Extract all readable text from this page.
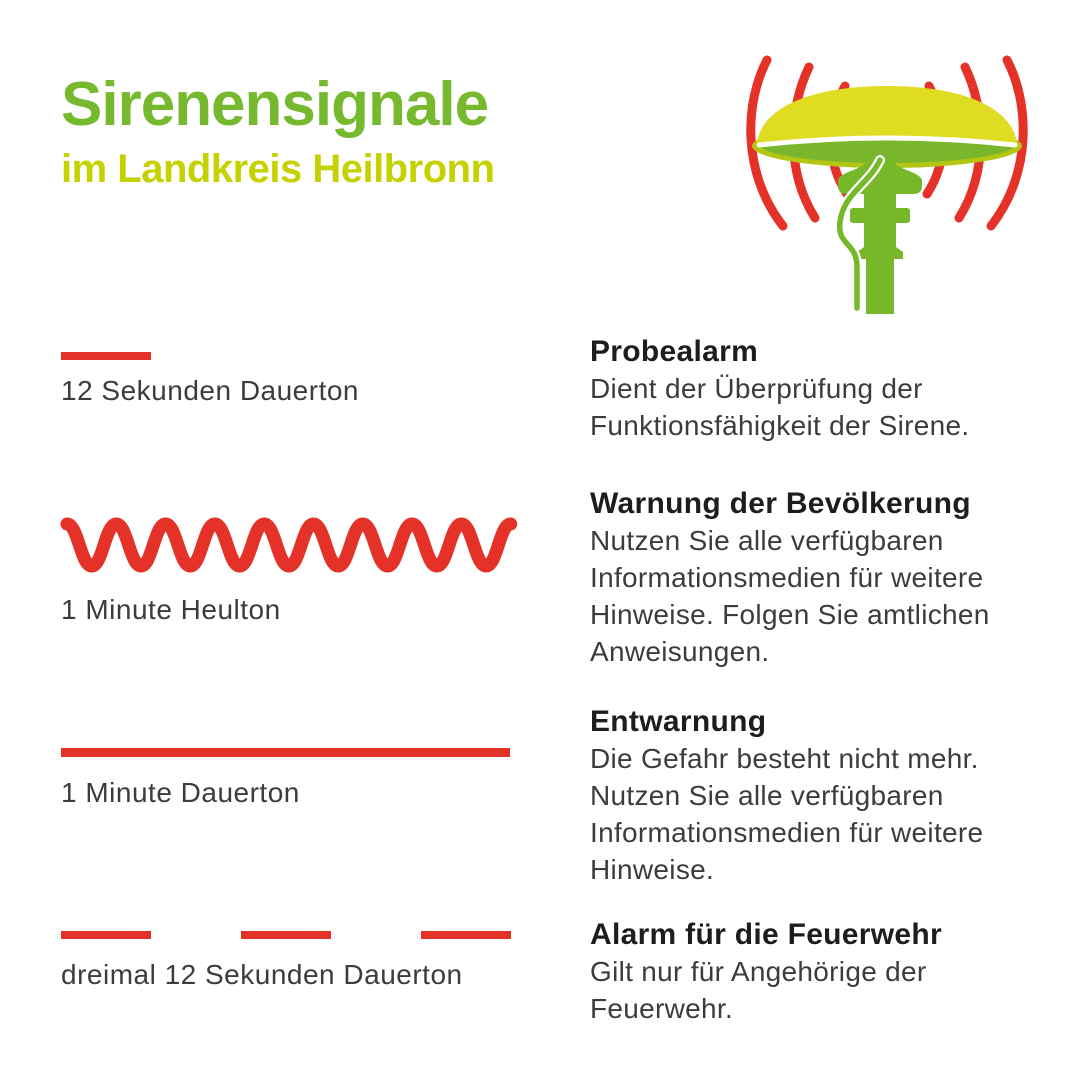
Sirenensignale
im Landkreis Heilbronn
12 Sekunden Dauerton

Probealarm

Dient der Überprüfung der Funktionsfähigkeit der Sirene.

1 Minute Heulton

Warnung der Bevölkerung

Nutzen Sie alle verfügbaren Informationsmedien für weitere Hinweise. Folgen Sie amtlichen Anweisungen.

1 Minute Dauerton

Entwarnung

Die Gefahr besteht nicht mehr. Nutzen Sie alle verfügbaren Informationsmedien für weitere Hinweise.

dreimal 12 Sekunden Dauerton

Alarm für die Feuerwehr

Gilt nur für Angehörige der Feuerwehr.
